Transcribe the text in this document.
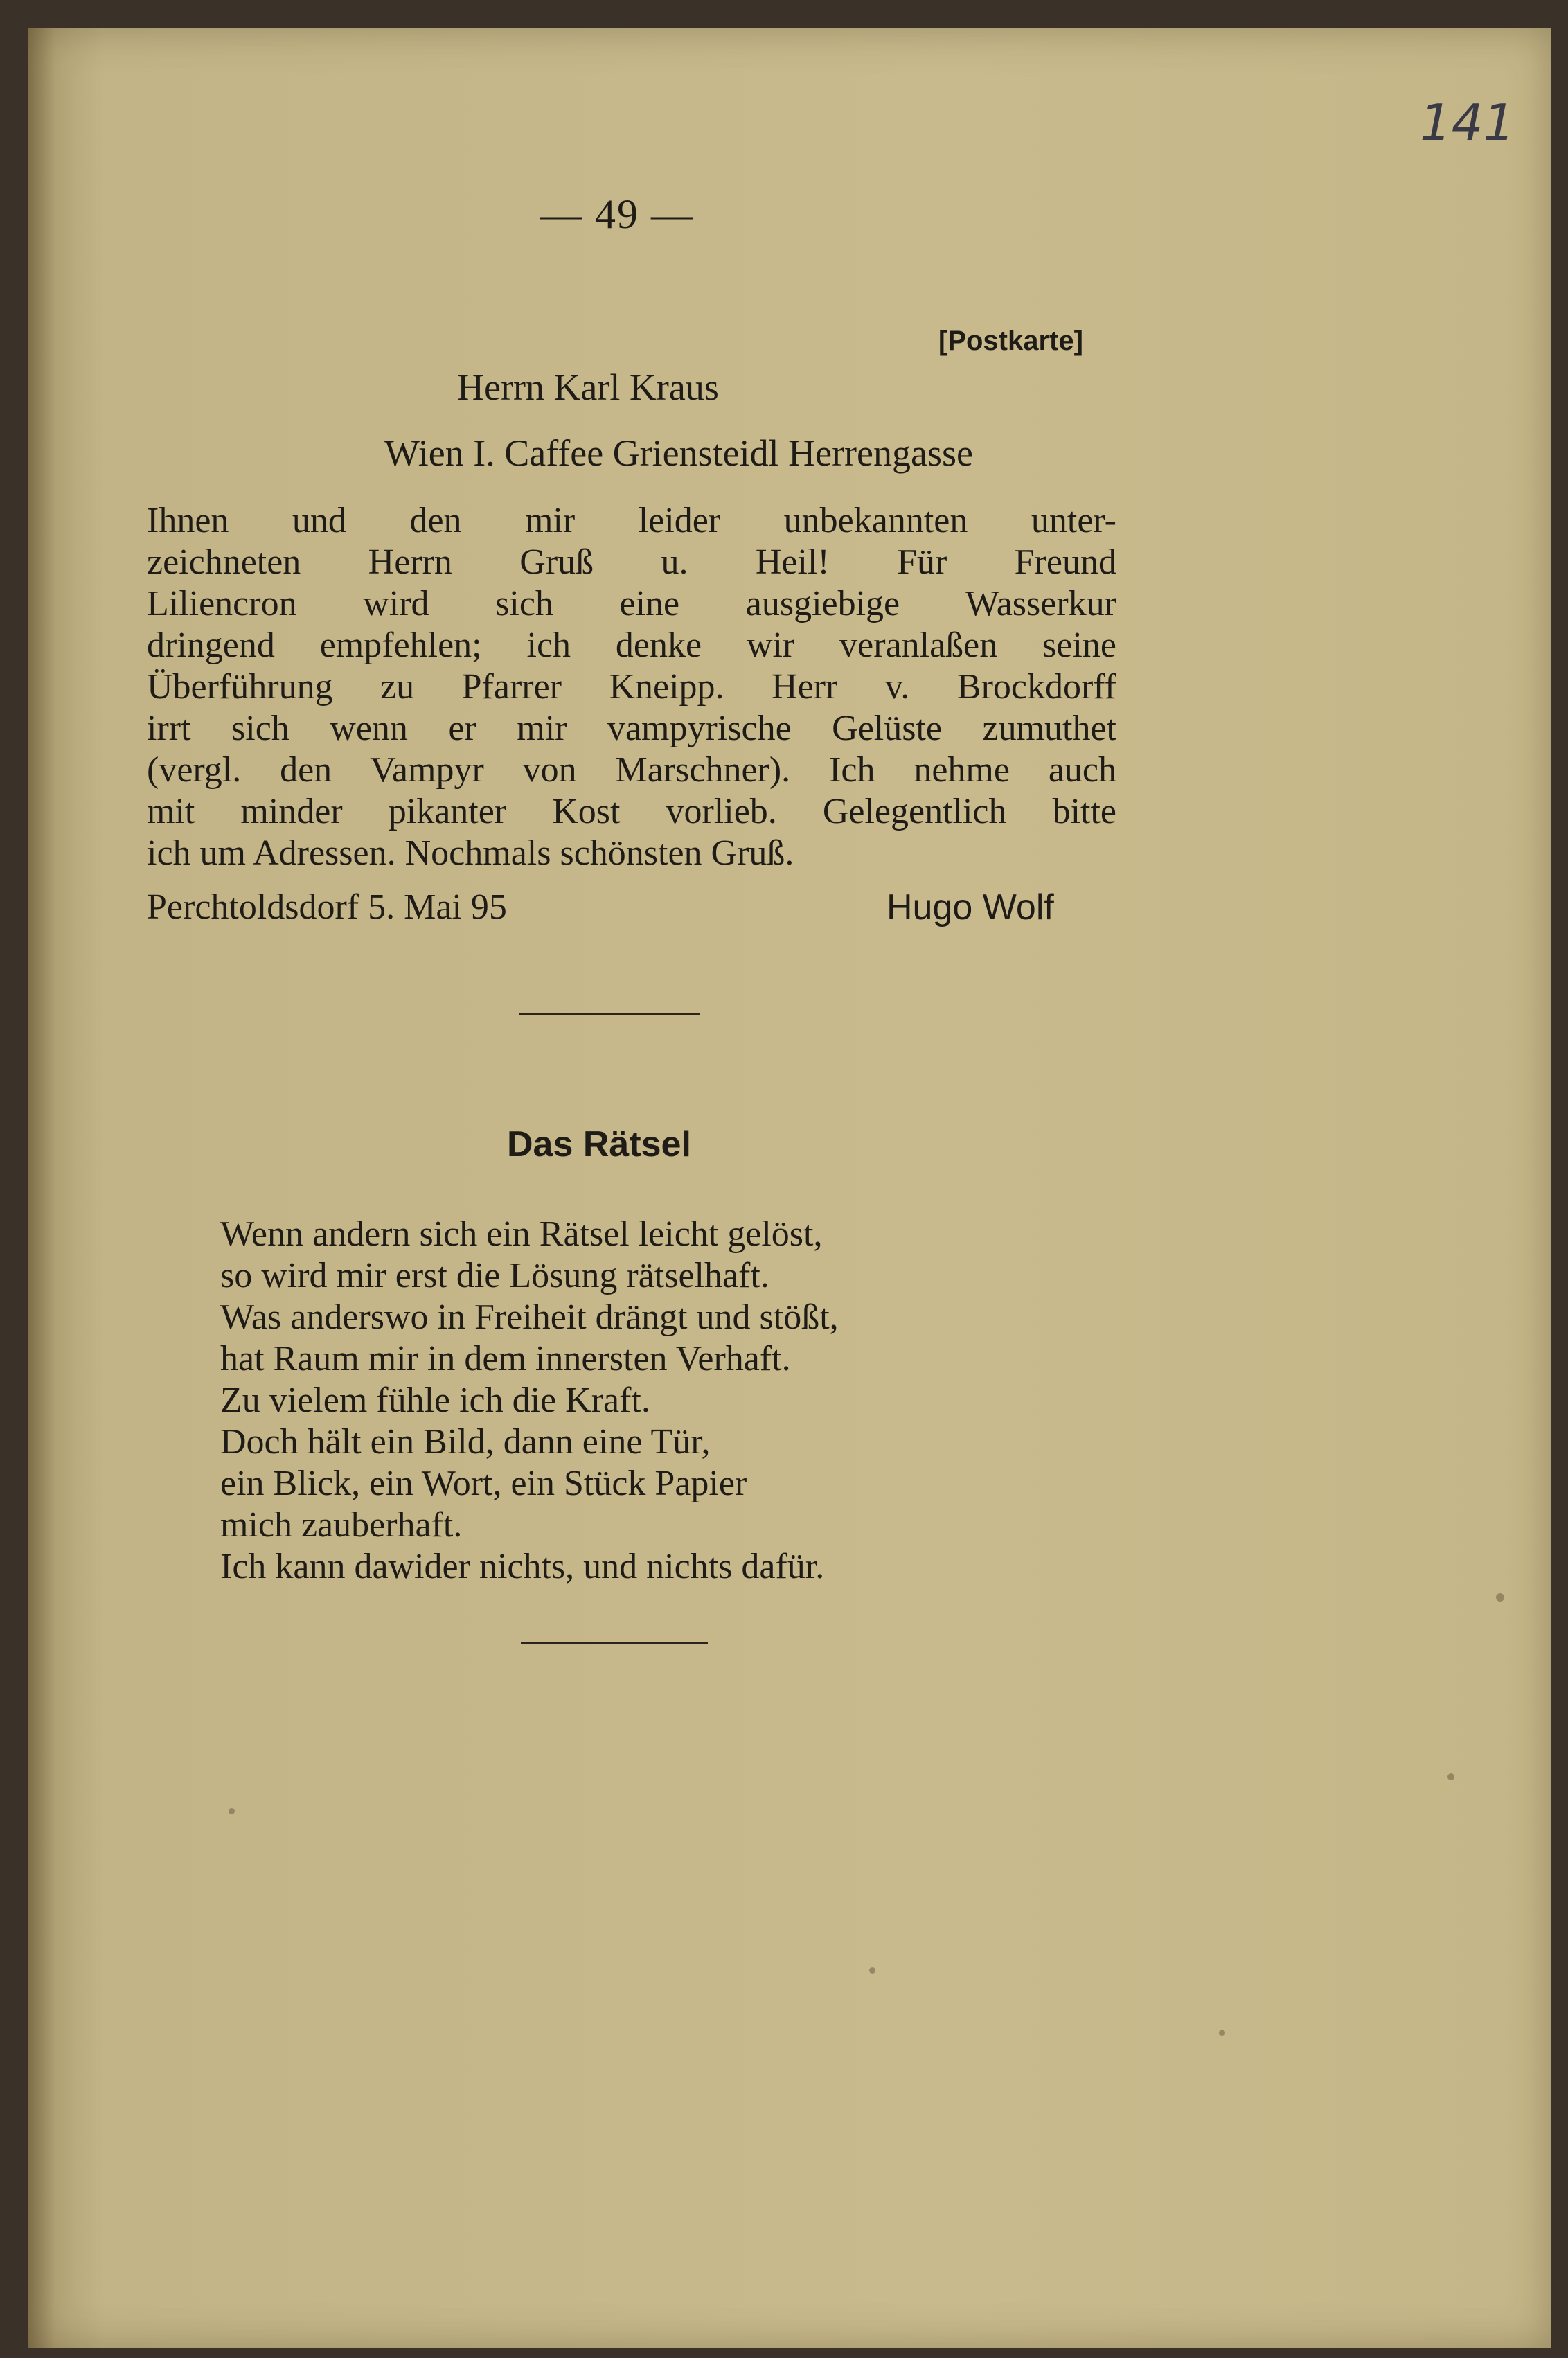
141
— 49 —
[Postkarte]
Herrn Karl Kraus
Wien I. Caffee Griensteidl Herrengasse
Ihnen und den mir leider unbekannten unter-
zeichneten Herrn Gruß u. Heil! Für Freund
Liliencron wird sich eine ausgiebige Wasserkur
dringend empfehlen; ich denke wir veranlaßen seine
Überführung zu Pfarrer Kneipp. Herr v. Brockdorff
irrt sich wenn er mir vampyrische Gelüste zumuthet
(vergl. den Vampyr von Marschner). Ich nehme auch
mit minder pikanter Kost vorlieb. Gelegentlich bitte
ich um Adressen. Nochmals schönsten Gruß.
Perchtoldsdorf 5. Mai 95	Hugo Wolf
Das Rätsel
Wenn andern sich ein Rätsel leicht gelöst,
so wird mir erst die Lösung rätselhaft.
Was anderswo in Freiheit drängt und stößt,
hat Raum mir in dem innersten Verhaft.
Zu vielem fühle ich die Kraft.
Doch hält ein Bild, dann eine Tür,
ein Blick, ein Wort, ein Stück Papier
mich zauberhaft.
Ich kann dawider nichts, und nichts dafür.
